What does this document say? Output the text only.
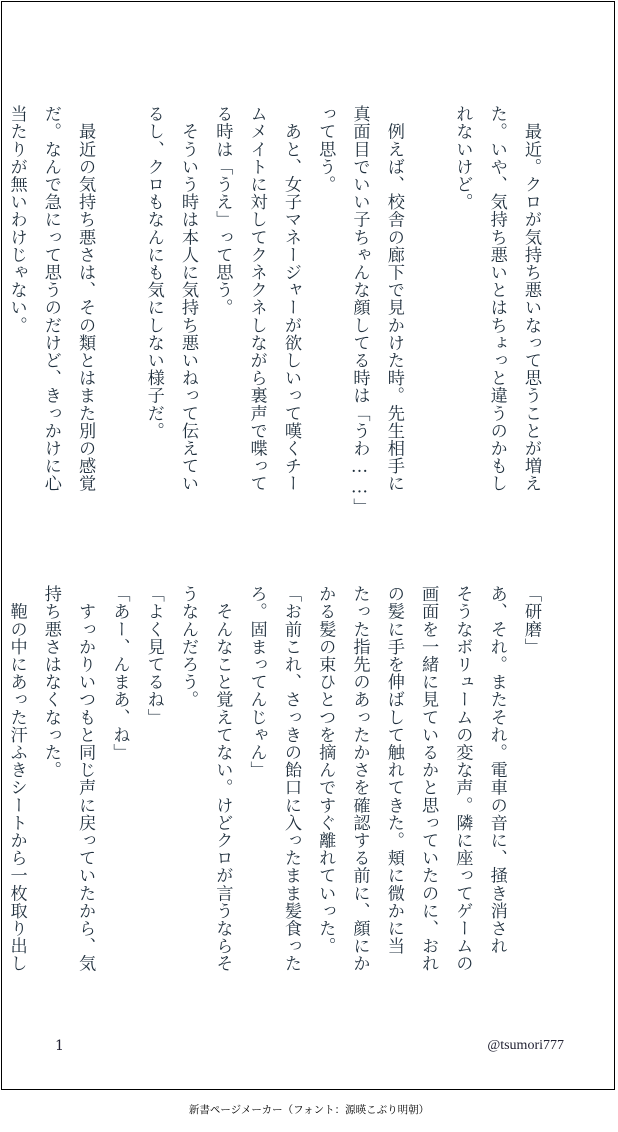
　最近。クロが気持ち悪いなって思うことが増え

た。いや、気持ち悪いとはちょっと違うのかもし

れないけど。

　例えば、校舎の廊下で見かけた時。先生相手に

真面目でいい子ちゃんな顔してる時は「うわ……」

って思う。

　あと、女子マネージャーが欲しいって嘆くチー

ムメイトに対してクネクネしながら裏声で喋って

る時は「うえ」って思う。

　そういう時は本人に気持ち悪いねって伝えてい

るし、クロもなんにも気にしない様子だ。

　最近の気持ち悪さは、その類とはまた別の感覚

だ。なんで急にって思うのだけど、きっかけに心

当たりが無いわけじゃない。

「研磨」

あ、それ。またそれ。電車の音に、掻き消され

そうなボリュームの変な声。隣に座ってゲームの

画面を一緒に見ているかと思っていたのに、おれ

の髪に手を伸ばして触れてきた。頬に微かに当

たった指先のあったかさを確認する前に、顔にか

かる髪の束ひとつを摘んですぐ離れていった。

「お前これ、さっきの飴口に入ったまま髪食った

ろ。固まってんじゃん」

　そんなこと覚えてない。けどクロが言うならそ

うなんだろう。

「よく見てるね」

「あー、んまあ、ね」

　すっかりいつもと同じ声に戻っていたから、気

持ち悪さはなくなった。

　鞄の中にあった汗ふきシートから一枚取り出し

1	@tsumori777
新書ページメーカー（フォント：源暎こぶり明朝）
